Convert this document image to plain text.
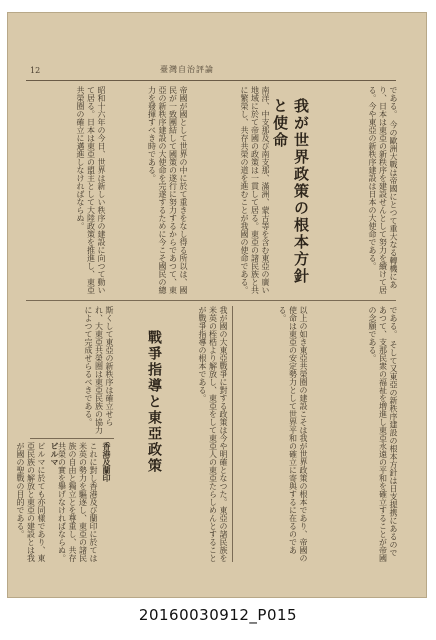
12	臺灣自治評論

である。 今の歐洲大戰は帝國にとつて重大なる轉機にあり、日本は東亞の新秩序を建設せんとして努力を續けて居る。今や東亞の新秩序建設は日本の大使命である。

我が世界政策の根本方針と使命

南洋、中支那及び南支那、滿洲、蒙古等を含む東亞の廣い地域に於て帝國の政策は一貫して居る。東亞の諸民族と共に繁榮し、共存共榮の道を進むことが我國の使命である。

帝國が國として世界の中に於て重きをなし得る所以は、國民が一致團結して國策の遂行に努力するからであつて、東亞の新秩序建設の大使命を完遂するために今こそ國民の總力を發揮すべき時である。

昭和十六年の今日、世界は新しい秩序の建設に向つて動いて居る。日本は東亞の盟主として大陸政策を推進し、東亞共榮圈の確立に邁進しなければならぬ。

である。 そして又東亞の新秩序建設の根本方針は日支提携にあるのであつて、支那民衆の福祉を増進し東亞永遠の平和を確立することが帝國の念願である。

以上の如き東亞共榮圈の建設こそは我が世界政策の根本であり、帝國の使命は東亞の安定勢力として世界平和の確立に寄與するに在るのである。

我が國の大東亞戰爭に對する政策は今や明確となつた。東亞の諸民族を米英の桎梏より解放し、東亞をして東亞人の東亞たらしめんとすることが戰爭指導の根本である。

戰爭指導と東亞政策

斯くして東亞の新秩序は確立せられ、大東亞共榮圈は東亞民族の協力によつて完成せらるべきである。

香港及蘭印

これに對し香港及び蘭印に於ては米英の勢力を驅逐し、東亞の諸民族の自由と獨立とを尊重し、共存共榮の實を擧げなければならぬ。

ビルマ

ビルマに於ても亦同樣であり、東亞民族の解放と東亞の建設とは我が國の聖戰の目的である。

20160030912_P015
